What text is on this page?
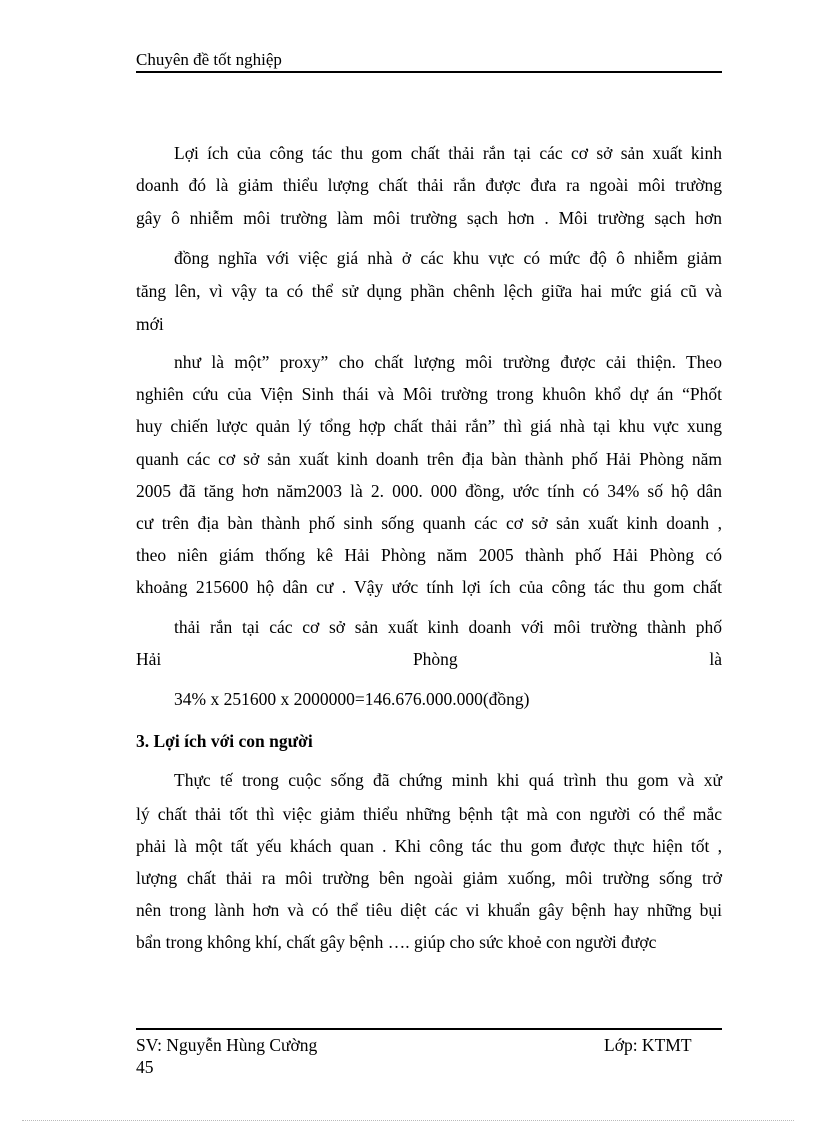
Chuyên đề tốt nghiệp
Lợi ích của công tác thu gom chất thải rắn tại các cơ sở sản xuất kinh
doanh đó là giảm thiểu lượng chất thải rắn được đưa ra ngoài môi trường
gây ô nhiễm môi trường làm môi trường sạch hơn . Môi trường sạch hơn
đồng nghĩa với việc giá nhà ở các khu vực có mức độ ô nhiễm giảm
tăng lên, vì vậy ta có thể sử dụng phần chênh lệch giữa hai mức giá cũ và
mới
như là một” proxy” cho chất lượng môi trường được cải thiện. Theo
nghiên cứu của Viện Sinh thái và Môi trường trong khuôn khổ dự án “Phốt
huy chiến lược quản lý tổng hợp chất thải rắn” thì giá nhà tại khu vực xung
quanh các cơ sở sản xuất kinh doanh trên địa bàn thành phố Hải Phòng năm
2005 đã tăng hơn năm2003 là 2. 000. 000 đồng, ước tính có 34% số hộ dân
cư trên địa bàn thành phố sinh sống quanh các cơ sở sản xuất kinh doanh ,
theo niên giám thống kê Hải Phòng năm 2005 thành phố Hải Phòng có
khoảng 215600 hộ dân cư . Vậy ước tính lợi ích của công tác thu gom chất
thải rắn tại các cơ sở sản xuất kinh doanh với môi trường thành phố
Hải	Phòng	là
34% x 251600 x 2000000=146.676.000.000(đồng)
3. Lợi ích với con người
Thực tế trong cuộc sống đã chứng minh khi quá trình thu gom và xử
lý chất thải tốt thì việc giảm thiểu những bệnh tật mà con người có thể mắc
phải là một tất yếu khách quan . Khi công tác thu gom được thực hiện tốt ,
lượng chất thải ra môi trường bên ngoài giảm xuống, môi trường sống trở
nên trong lành hơn và có thể tiêu diệt các vi khuẩn gây bệnh hay những bụi
bẩn trong không khí, chất gây bệnh …. giúp cho sức khoẻ con người được
SV: Nguyễn Hùng Cường	Lớp: KTMT
45
